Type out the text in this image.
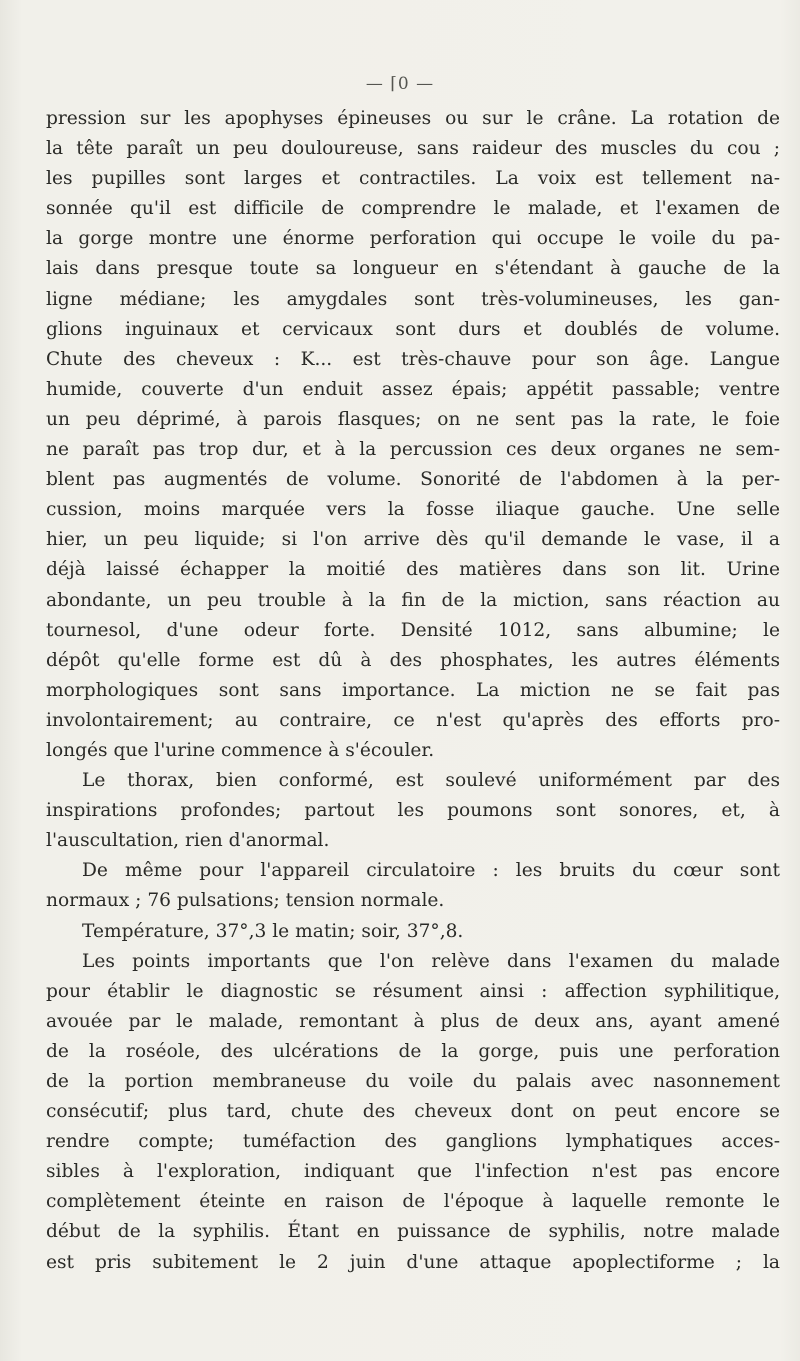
— ⌈0 —
pression sur les apophyses épineuses ou sur le crâne. La rotation de
la tête paraît un peu douloureuse, sans raideur des muscles du cou ;
les pupilles sont larges et contractiles. La voix est tellement na-
sonnée qu'il est difficile de comprendre le malade, et l'examen de
la gorge montre une énorme perforation qui occupe le voile du pa-
lais dans presque toute sa longueur en s'étendant à gauche de la
ligne médiane; les amygdales sont très-volumineuses, les gan-
glions inguinaux et cervicaux sont durs et doublés de volume.
Chute des cheveux : K... est très-chauve pour son âge. Langue
humide, couverte d'un enduit assez épais; appétit passable; ventre
un peu déprimé, à parois flasques; on ne sent pas la rate, le foie
ne paraît pas trop dur, et à la percussion ces deux organes ne sem-
blent pas augmentés de volume. Sonorité de l'abdomen à la per-
cussion, moins marquée vers la fosse iliaque gauche. Une selle
hier, un peu liquide; si l'on arrive dès qu'il demande le vase, il a
déjà laissé échapper la moitié des matières dans son lit. Urine
abondante, un peu trouble à la fin de la miction, sans réaction au
tournesol, d'une odeur forte. Densité 1012, sans albumine; le
dépôt qu'elle forme est dû à des phosphates, les autres éléments
morphologiques sont sans importance. La miction ne se fait pas
involontairement; au contraire, ce n'est qu'après des efforts pro-
longés que l'urine commence à s'écouler.
Le thorax, bien conformé, est soulevé uniformément par des
inspirations profondes; partout les poumons sont sonores, et, à
l'auscultation, rien d'anormal.
De même pour l'appareil circulatoire : les bruits du cœur sont
normaux ; 76 pulsations; tension normale.
Température, 37°,3 le matin; soir, 37°,8.
Les points importants que l'on relève dans l'examen du malade
pour établir le diagnostic se résument ainsi : affection syphilitique,
avouée par le malade, remontant à plus de deux ans, ayant amené
de la roséole, des ulcérations de la gorge, puis une perforation
de la portion membraneuse du voile du palais avec nasonnement
consécutif; plus tard, chute des cheveux dont on peut encore se
rendre compte; tuméfaction des ganglions lymphatiques acces-
sibles à l'exploration, indiquant que l'infection n'est pas encore
complètement éteinte en raison de l'époque à laquelle remonte le
début de la syphilis. Étant en puissance de syphilis, notre malade
est pris subitement le 2 juin d'une attaque apoplectiforme ; la
